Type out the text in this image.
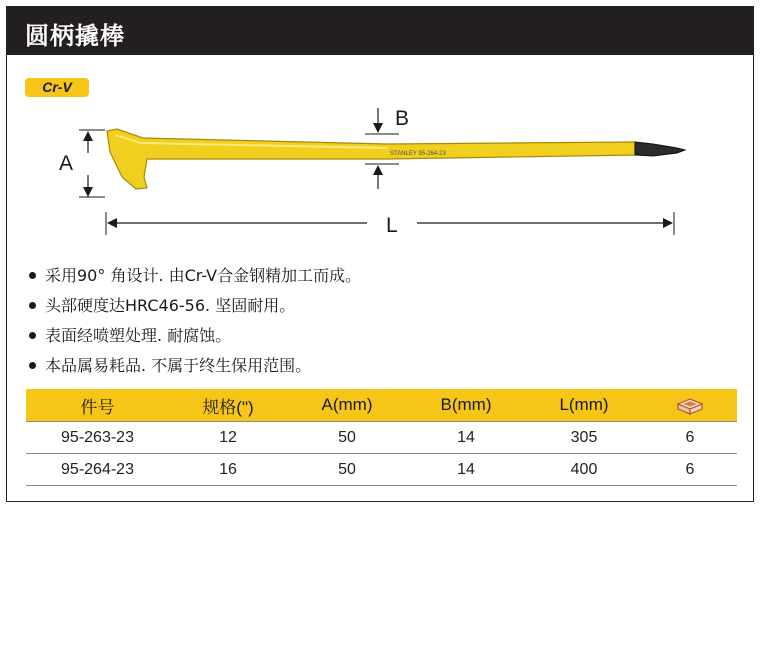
圆柄撬棒
Cr-V
A	STANLEY 95-264-23
B
L
采用90° 角设计. 由Cr-V合金钢精加工而成。
头部硬度达HRC46-56. 坚固耐用。
表面经喷塑处理. 耐腐蚀。
本品属易耗品. 不属于终生保用范围。
件号	规格(")	A(mm)	B(mm)	L(mm)	
95-263-23	12	50	14	305	6
95-264-23	16	50	14	400	6
